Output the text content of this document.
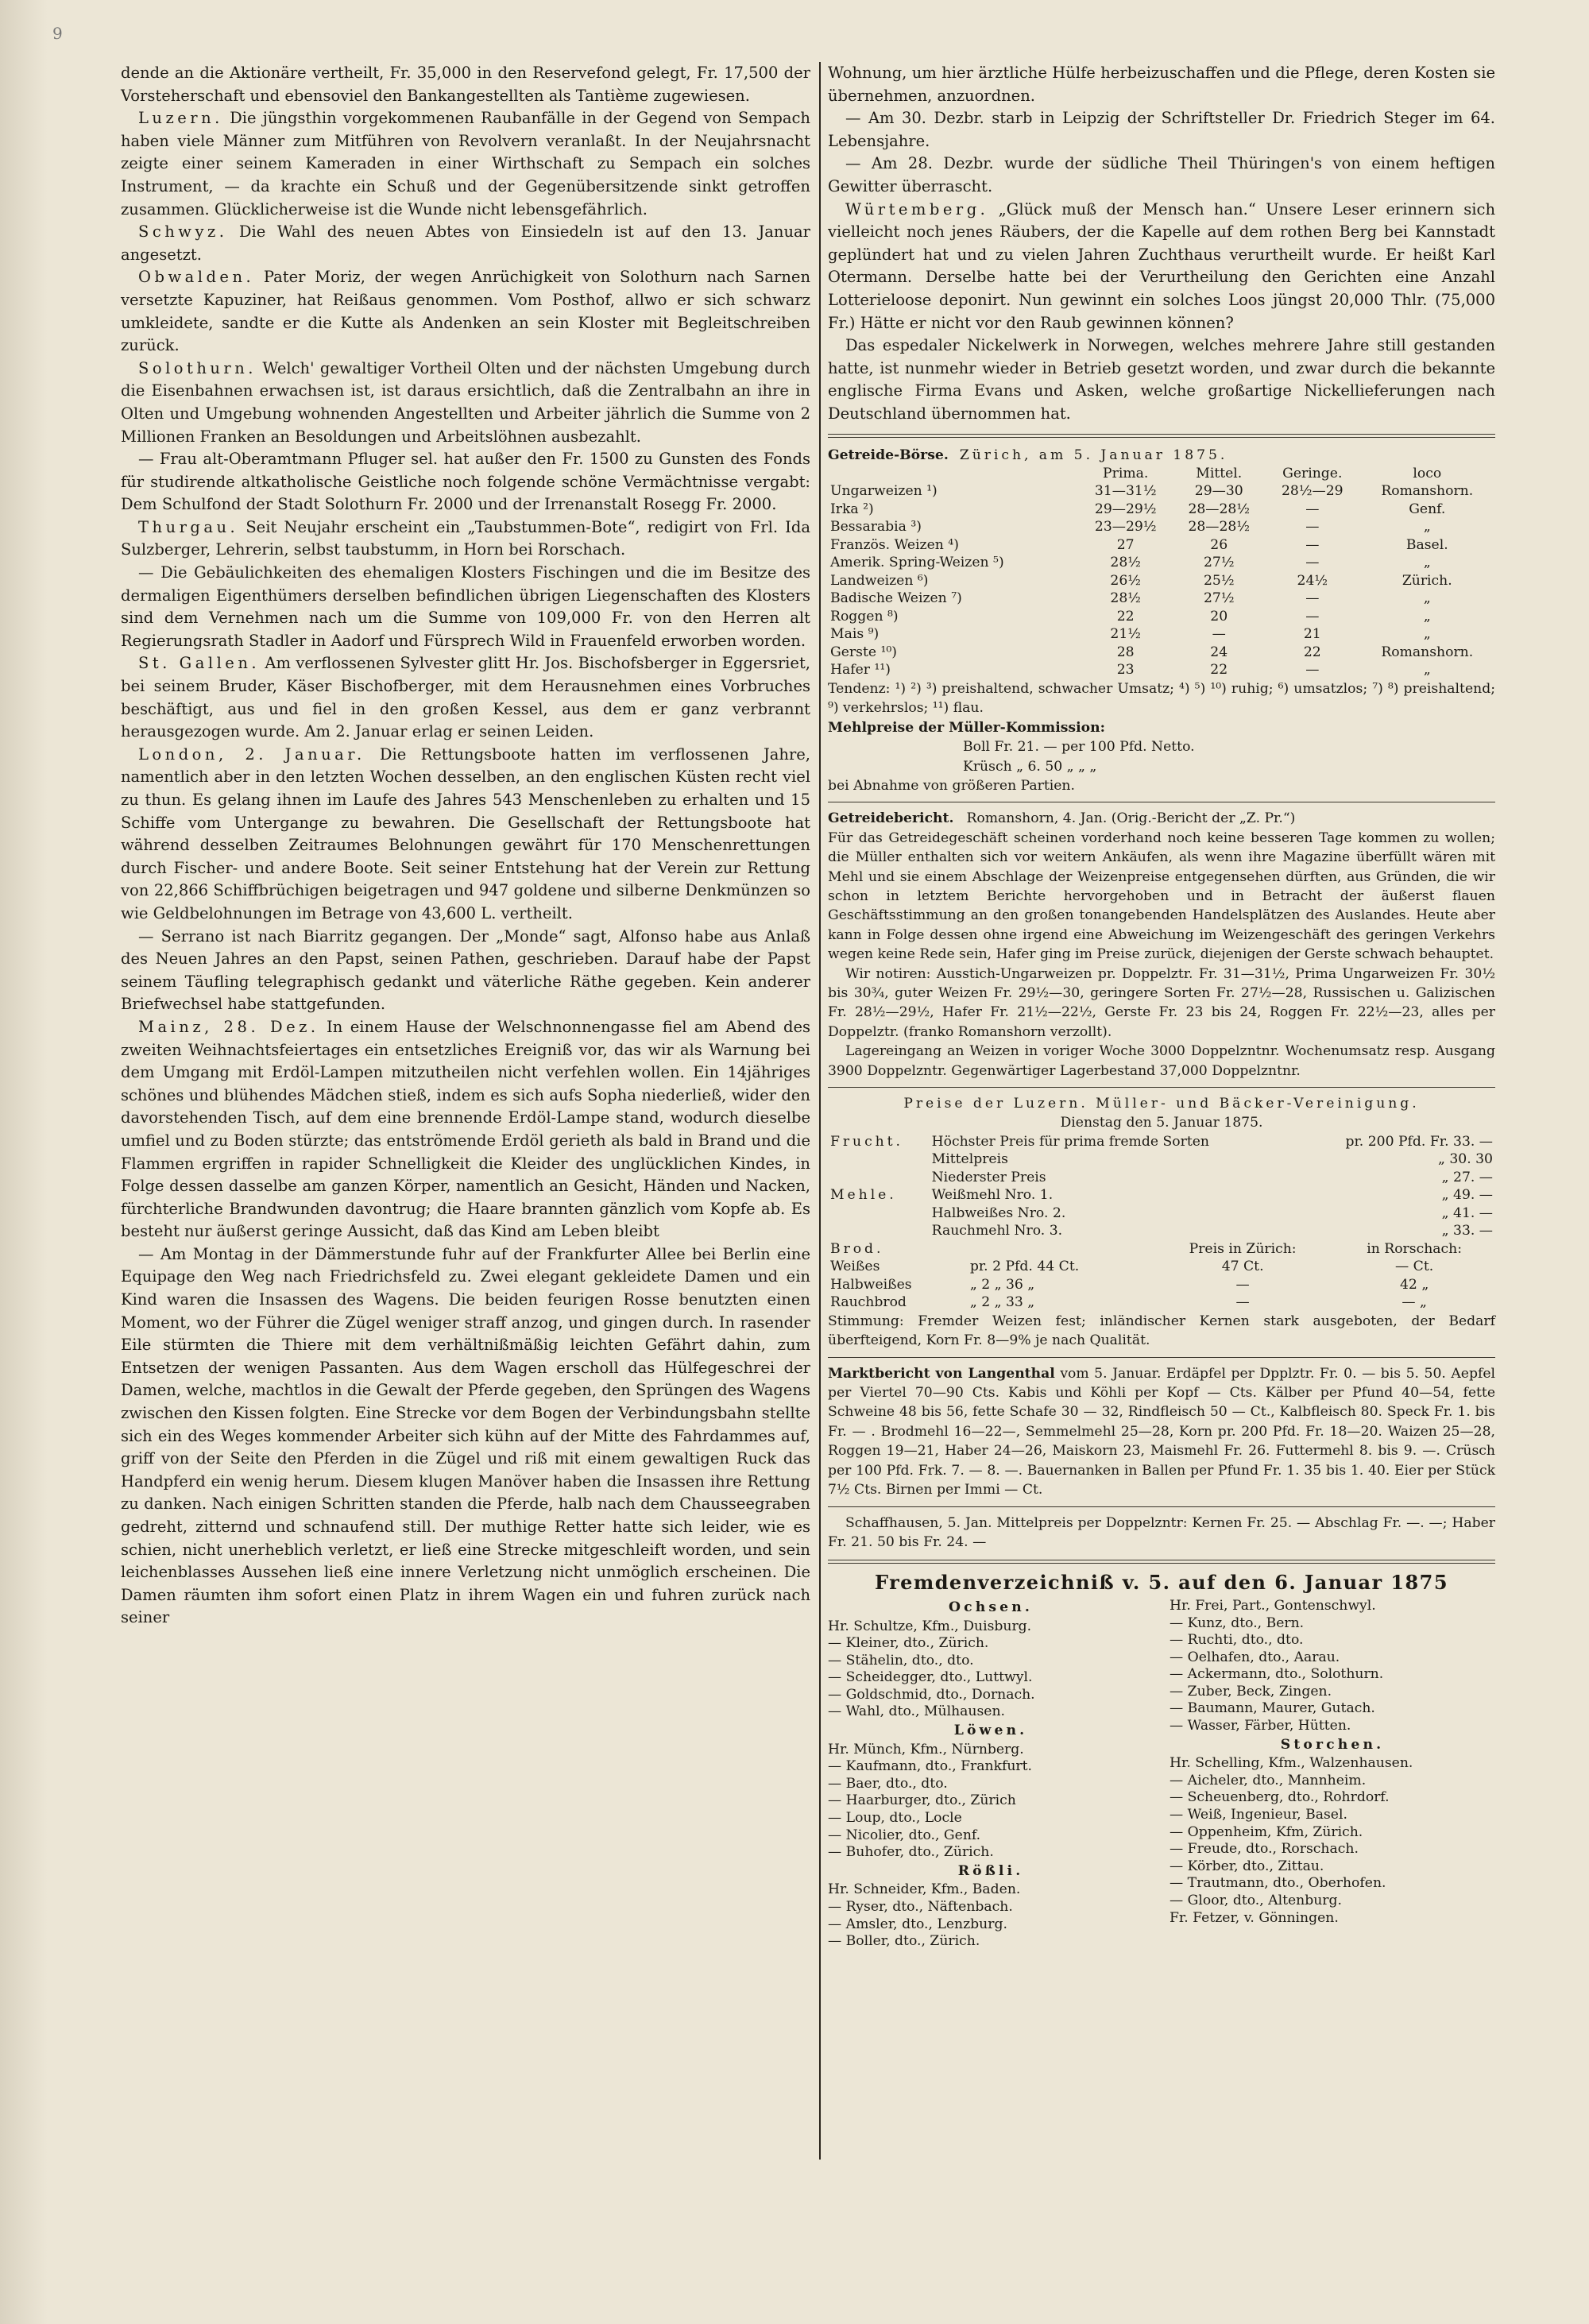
9

dende an die Aktionäre vertheilt, Fr. 35,000 in den Reservefond gelegt, Fr. 17,500 der Vorsteherschaft und ebensoviel den Bankangestellten als Tantième zugewiesen.

Luzern. Die jüngsthin vorgekommenen Raubanfälle in der Gegend von Sempach haben viele Männer zum Mitführen von Revolvern veranlaßt. In der Neujahrsnacht zeigte einer seinem Kameraden in einer Wirthschaft zu Sempach ein solches Instrument, — da krachte ein Schuß und der Gegenübersitzende sinkt getroffen zusammen. Glücklicherweise ist die Wunde nicht lebensgefährlich.

Schwyz. Die Wahl des neuen Abtes von Einsiedeln ist auf den 13. Januar angesetzt.

Obwalden. Pater Moriz, der wegen Anrüchigkeit von Solothurn nach Sarnen versetzte Kapuziner, hat Reißaus genommen. Vom Posthof, allwo er sich schwarz umkleidete, sandte er die Kutte als Andenken an sein Kloster mit Begleitschreiben zurück.

Solothurn. Welch' gewaltiger Vortheil Olten und der nächsten Umgebung durch die Eisenbahnen erwachsen ist, ist daraus ersichtlich, daß die Zentralbahn an ihre in Olten und Umgebung wohnenden Angestellten und Arbeiter jährlich die Summe von 2 Millionen Franken an Besoldungen und Arbeitslöhnen ausbezahlt.

— Frau alt-Oberamtmann Pfluger sel. hat außer den Fr. 1500 zu Gunsten des Fonds für studirende altkatholische Geistliche noch folgende schöne Vermächtnisse vergabt: Dem Schulfond der Stadt Solothurn Fr. 2000 und der Irrenanstalt Rosegg Fr. 2000.

Thurgau. Seit Neujahr erscheint ein „Taubstummen-Bote“, redigirt von Frl. Ida Sulzberger, Lehrerin, selbst taubstumm, in Horn bei Rorschach.

— Die Gebäulichkeiten des ehemaligen Klosters Fischingen und die im Besitze des dermaligen Eigenthümers derselben befindlichen übrigen Liegenschaften des Klosters sind dem Vernehmen nach um die Summe von 109,000 Fr. von den Herren alt Regierungsrath Stadler in Aadorf und Fürsprech Wild in Frauenfeld erworben worden.

St. Gallen. Am verflossenen Sylvester glitt Hr. Jos. Bischofsberger in Eggersriet, bei seinem Bruder, Käser Bischofberger, mit dem Herausnehmen eines Vorbruches beschäftigt, aus und fiel in den großen Kessel, aus dem er ganz verbrannt herausgezogen wurde. Am 2. Januar erlag er seinen Leiden.

London, 2. Januar. Die Rettungsboote hatten im verflossenen Jahre, namentlich aber in den letzten Wochen desselben, an den englischen Küsten recht viel zu thun. Es gelang ihnen im Laufe des Jahres 543 Menschenleben zu erhalten und 15 Schiffe vom Untergange zu bewahren. Die Gesellschaft der Rettungsboote hat während desselben Zeitraumes Belohnungen gewährt für 170 Menschenrettungen durch Fischer- und andere Boote. Seit seiner Entstehung hat der Verein zur Rettung von 22,866 Schiffbrüchigen beigetragen und 947 goldene und silberne Denkmünzen so wie Geldbelohnungen im Betrage von 43,600 L. vertheilt.

— Serrano ist nach Biarritz gegangen. Der „Monde“ sagt, Alfonso habe aus Anlaß des Neuen Jahres an den Papst, seinen Pathen, geschrieben. Darauf habe der Papst seinem Täufling telegraphisch gedankt und väterliche Räthe gegeben. Kein anderer Briefwechsel habe stattgefunden.

Mainz, 28. Dez. In einem Hause der Welschnonnengasse fiel am Abend des zweiten Weihnachtsfeiertages ein entsetzliches Ereigniß vor, das wir als Warnung bei dem Umgang mit Erdöl-Lampen mitzutheilen nicht verfehlen wollen. Ein 14jähriges schönes und blühendes Mädchen stieß, indem es sich aufs Sopha niederließ, wider den davorstehenden Tisch, auf dem eine brennende Erdöl-Lampe stand, wodurch dieselbe umfiel und zu Boden stürzte; das entströmende Erdöl gerieth als bald in Brand und die Flammen ergriffen in rapider Schnelligkeit die Kleider des unglücklichen Kindes, in Folge dessen dasselbe am ganzen Körper, namentlich an Gesicht, Händen und Nacken, fürchterliche Brandwunden davontrug; die Haare brannten gänzlich vom Kopfe ab. Es besteht nur äußerst geringe Aussicht, daß das Kind am Leben bleibt

— Am Montag in der Dämmerstunde fuhr auf der Frankfurter Allee bei Berlin eine Equipage den Weg nach Friedrichsfeld zu. Zwei elegant gekleidete Damen und ein Kind waren die Insassen des Wagens. Die beiden feurigen Rosse benutzten einen Moment, wo der Führer die Zügel weniger straff anzog, und gingen durch. In rasender Eile stürmten die Thiere mit dem verhältnißmäßig leichten Gefährt dahin, zum Entsetzen der wenigen Passanten. Aus dem Wagen erscholl das Hülfegeschrei der Damen, welche, machtlos in die Gewalt der Pferde gegeben, den Sprüngen des Wagens zwischen den Kissen folgten. Eine Strecke vor dem Bogen der Verbindungsbahn stellte sich ein des Weges kommender Arbeiter sich kühn auf der Mitte des Fahrdammes auf, griff von der Seite den Pferden in die Zügel und riß mit einem gewaltigen Ruck das Handpferd ein wenig herum. Diesem klugen Manöver haben die Insassen ihre Rettung zu danken. Nach einigen Schritten standen die Pferde, halb nach dem Chausseegraben gedreht, zitternd und schnaufend still. Der muthige Retter hatte sich leider, wie es schien, nicht unerheblich verletzt, er ließ eine Strecke mitgeschleift worden, und sein leichenblasses Aussehen ließ eine innere Verletzung nicht unmöglich erscheinen. Die Damen räumten ihm sofort einen Platz in ihrem Wagen ein und fuhren zurück nach seiner

Wohnung, um hier ärztliche Hülfe herbeizuschaffen und die Pflege, deren Kosten sie übernehmen, anzuordnen.

— Am 30. Dezbr. starb in Leipzig der Schriftsteller Dr. Friedrich Steger im 64. Lebensjahre.

— Am 28. Dezbr. wurde der südliche Theil Thüringen's von einem heftigen Gewitter überrascht.

Würtemberg. „Glück muß der Mensch han.“ Unsere Leser erinnern sich vielleicht noch jenes Räubers, der die Kapelle auf dem rothen Berg bei Kannstadt geplündert hat und zu vielen Jahren Zuchthaus verurtheilt wurde. Er heißt Karl Otermann. Derselbe hatte bei der Verurtheilung den Gerichten eine Anzahl Lotterieloose deponirt. Nun gewinnt ein solches Loos jüngst 20,000 Thlr. (75,000 Fr.) Hätte er nicht vor den Raub gewinnen können?

Das espedaler Nickelwerk in Norwegen, welches mehrere Jahre still gestanden hatte, ist nunmehr wieder in Betrieb gesetzt worden, und zwar durch die bekannte englische Firma Evans und Asken, welche großartige Nickellieferungen nach Deutschland übernommen hat.

Getreide-Börse. Zürich, am 5. Januar 1875.
	Prima.	Mittel.	Geringe.	loco
Ungarweizen ¹)	31—31½	29—30	28½—29	Romanshorn.
Irka ²)	29—29½	28—28½	—	Genf.
Bessarabia ³)	23—29½	28—28½	—	„
Französ. Weizen ⁴)	27	26	—	Basel.
Amerik. Spring-Weizen ⁵)	28½	27½	—	„
Landweizen ⁶)	26½	25½	24½	Zürich.
Badische Weizen ⁷)	28½	27½	—	„
Roggen ⁸)	22	20	—	„
Mais ⁹)	21½	—	21	„
Gerste ¹⁰)	28	24	22	Romanshorn.
Hafer ¹¹)	23	22	—	„

Tendenz: ¹) ²) ³) preishaltend, schwacher Umsatz; ⁴) ⁵) ¹⁰) ruhig; ⁶) umsatzlos; ⁷) ⁸) preishaltend; ⁹) verkehrslos; ¹¹) flau.

Mehlpreise der Müller-Kommission:
Boll Fr. 21. — per 100 Pfd. Netto.
Krüsch „ 6. 50 „ „ „
bei Abnahme von größeren Partien.
Getreidebericht. Romanshorn, 4. Jan. (Orig.-Bericht der „Z. Pr.“)

Für das Getreidegeschäft scheinen vorderhand noch keine besseren Tage kommen zu wollen; die Müller enthalten sich vor weitern Ankäufen, als wenn ihre Magazine überfüllt wären mit Mehl und sie einem Abschlage der Weizenpreise entgegensehen dürften, aus Gründen, die wir schon in letztem Berichte hervorgehoben und in Betracht der äußerst flauen Geschäftsstimmung an den großen tonangebenden Handelsplätzen des Auslandes. Heute aber kann in Folge dessen ohne irgend eine Abweichung im Weizengeschäft des geringen Verkehrs wegen keine Rede sein, Hafer ging im Preise zurück, diejenigen der Gerste schwach behauptet.

Wir notiren: Ausstich-Ungarweizen pr. Doppelztr. Fr. 31—31½, Prima Ungarweizen Fr. 30½ bis 30¾, guter Weizen Fr. 29½—30, geringere Sorten Fr. 27½—28, Russischen u. Galizischen Fr. 28½—29½, Hafer Fr. 21½—22½, Gerste Fr. 23 bis 24, Roggen Fr. 22½—23, alles per Doppelztr. (franko Romanshorn verzollt).

Lagereingang an Weizen in voriger Woche 3000 Doppelzntnr. Wochenumsatz resp. Ausgang 3900 Doppelzntr. Gegenwärtiger Lagerbestand 37,000 Doppelzntnr.

Preise der Luzern. Müller- und Bäcker-Vereinigung.
Dienstag den 5. Januar 1875.
Frucht.	Höchster Preis für prima fremde Sorten	pr. 200 Pfd. Fr. 33. —
	Mittelpreis	„ 30. 30
	Niederster Preis	„ 27. —
Mehle.	Weißmehl Nro. 1.	„ 49. —
	Halbweißes Nro. 2.	„ 41. —
	Rauchmehl Nro. 3.	„ 33. —
Brod.		Preis in Zürich:	in Rorschach:
Weißes	pr. 2 Pfd. 44 Ct.	47 Ct.	— Ct.
Halbweißes	„ 2 „ 36 „	—	42 „
Rauchbrod	„ 2 „ 33 „	—	— „

Stimmung: Fremder Weizen fest; inländischer Kernen stark ausgeboten, der Bedarf überfteigend, Korn Fr. 8—9% je nach Qualität.

Marktbericht von Langenthal vom 5. Januar. Erdäpfel per Dpplztr. Fr. 0. — bis 5. 50. Aepfel per Viertel 70—90 Cts. Kabis und Köhli per Kopf — Cts. Kälber per Pfund 40—54, fette Schweine 48 bis 56, fette Schafe 30 — 32, Rindfleisch 50 — Ct., Kalbfleisch 80. Speck Fr. 1. bis Fr. — . Brodmehl 16—22—, Semmelmehl 25—28, Korn pr. 200 Pfd. Fr. 18—20. Waizen 25—28, Roggen 19—21, Haber 24—26, Maiskorn 23, Maismehl Fr. 26. Futtermehl 8. bis 9. —. Crüsch per 100 Pfd. Frk. 7. — 8. —. Bauernanken in Ballen per Pfund Fr. 1. 35 bis 1. 40. Eier per Stück 7½ Cts. Birnen per Immi — Ct.

Schaffhausen, 5. Jan. Mittelpreis per Doppelzntr: Kernen Fr. 25. — Abschlag Fr. —. —; Haber Fr. 21. 50 bis Fr. 24. —

Fremdenverzeichniß v. 5. auf den 6. Januar 1875
Ochsen.
Hr. Schultze, Kfm., Duisburg.
— Kleiner, dto., Zürich.
— Stähelin, dto., dto.
— Scheidegger, dto., Luttwyl.
— Goldschmid, dto., Dornach.
— Wahl, dto., Mülhausen.
Löwen.
Hr. Münch, Kfm., Nürnberg.
— Kaufmann, dto., Frankfurt.
— Baer, dto., dto.
— Haarburger, dto., Zürich
— Loup, dto., Locle
— Nicolier, dto., Genf.
— Buhofer, dto., Zürich.
Rößli.
Hr. Schneider, Kfm., Baden.
— Ryser, dto., Näftenbach.
— Amsler, dto., Lenzburg.
— Boller, dto., Zürich.
Hr. Frei, Part., Gontenschwyl.
— Kunz, dto., Bern.
— Ruchti, dto., dto.
— Oelhafen, dto., Aarau.
— Ackermann, dto., Solothurn.
— Zuber, Beck, Zingen.
— Baumann, Maurer, Gutach.
— Wasser, Färber, Hütten.
Storchen.
Hr. Schelling, Kfm., Walzenhausen.
— Aicheler, dto., Mannheim.
— Scheuenberg, dto., Rohrdorf.
— Weiß, Ingenieur, Basel.
— Oppenheim, Kfm, Zürich.
— Freude, dto., Rorschach.
— Körber, dto., Zittau.
— Trautmann, dto., Oberhofen.
— Gloor, dto., Altenburg.
Fr. Fetzer, v. Gönningen.
